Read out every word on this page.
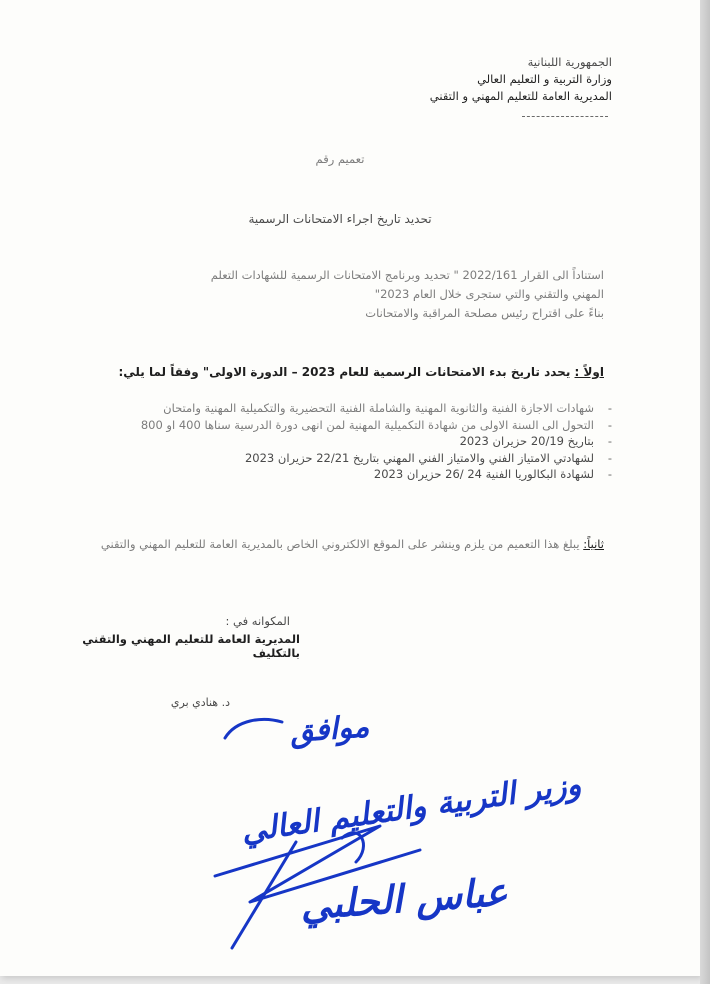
الجمهورية اللبنانية
وزارة التربية و التعليم العالي
المديرية العامة للتعليم المهني و التقني
تعميم رقم
تحديد تاريخ اجراء الامتحانات الرسمية
استناداً الى القرار 2022/161 " تحديد وبرنامج الامتحانات الرسمية للشهادات التعلم
المهني والتقني والتي ستجرى خلال العام 2023"
بناءً على اقتراح رئيس مصلحة المراقبة والامتحانات
اولاً : يحدد تاريخ بدء الامتحانات الرسمية للعام 2023 – الدورة الاولى" وفقاً لما يلي:
- شهادات الاجازة الفنية والثانوية المهنية والشاملة الفنية التحضيرية والتكميلية المهنية وامتحان
- التحول الى السنة الاولى من شهادة التكميلية المهنية لمن انهى دورة الدرسية سناها 400 او 800
- بتاريخ 20/19 حزيران 2023
- لشهادتي الامتياز الفني والامتياز الفني المهني بتاريخ 22/21 حزيران 2023
- لشهادة البكالوريا الفنية 24 /26 حزيران 2023
ثانياً: يبلغ هذا التعميم من يلزم وينشر على الموقع الالكتروني الخاص بالمديرية العامة للتعليم المهني والتقني
المكوانه في :
المديرية العامة للتعليم المهني والتقني بالتكليف
د. هنادي بري
موافق
وزير التربية والتعليم العالي
عباس الحلبي
